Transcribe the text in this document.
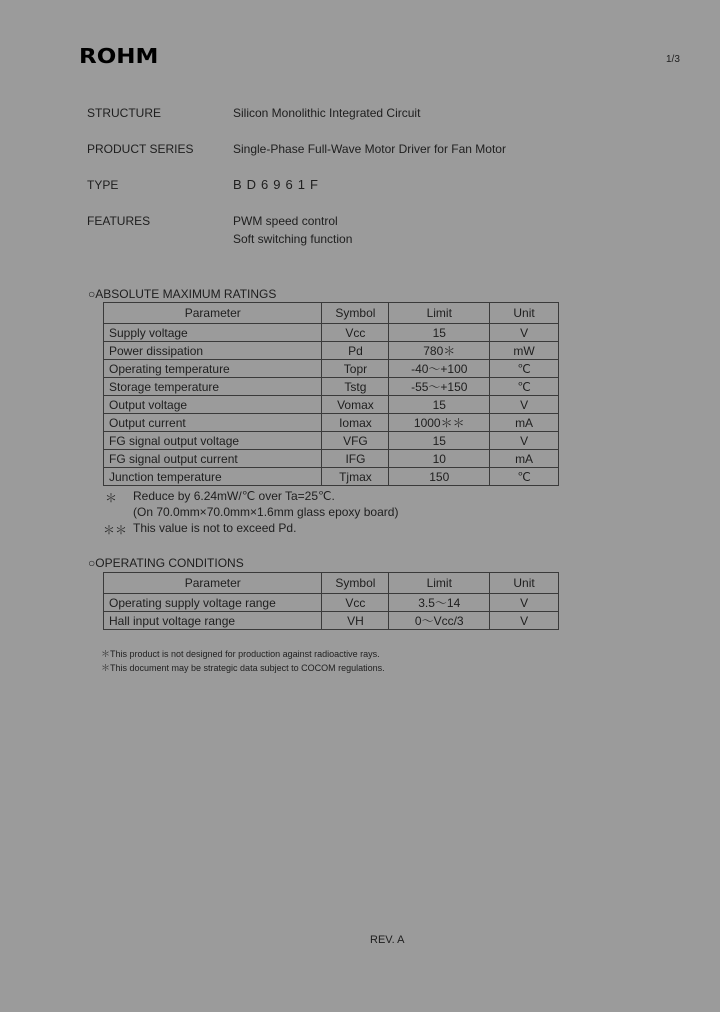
ROHM	1/3
STRUCTURE	Silicon Monolithic Integrated Circuit
PRODUCT SERIES	Single-Phase Full-Wave Motor Driver for Fan Motor
TYPE	BD6961F
FEATURES	PWM speed control
Soft switching function
○ABSOLUTE MAXIMUM RATINGS
Parameter	Symbol	Limit	Unit
Supply voltage	Vcc	15	V
Power dissipation	Pd	780＊	mW
Operating temperature	Topr	-40～+100	℃
Storage temperature	Tstg	-55～+150	℃
Output voltage	Vomax	15	V
Output current	Iomax	1000＊＊	mA
FG signal output voltage	VFG	15	V
FG signal output current	IFG	10	mA
Junction temperature	Tjmax	150	℃
＊ Reduce by 6.24mW/℃ over Ta=25℃.
(On 70.0mm×70.0mm×1.6mm glass epoxy board)
＊＊ This value is not to exceed Pd.
○OPERATING CONDITIONS
Parameter	Symbol	Limit	Unit
Operating supply voltage range	Vcc	3.5～14	V
Hall input voltage range	VH	0～Vcc/3	V
＊This product is not designed for production against radioactive rays.
＊This document may be strategic data subject to COCOM regulations.
REV. A
